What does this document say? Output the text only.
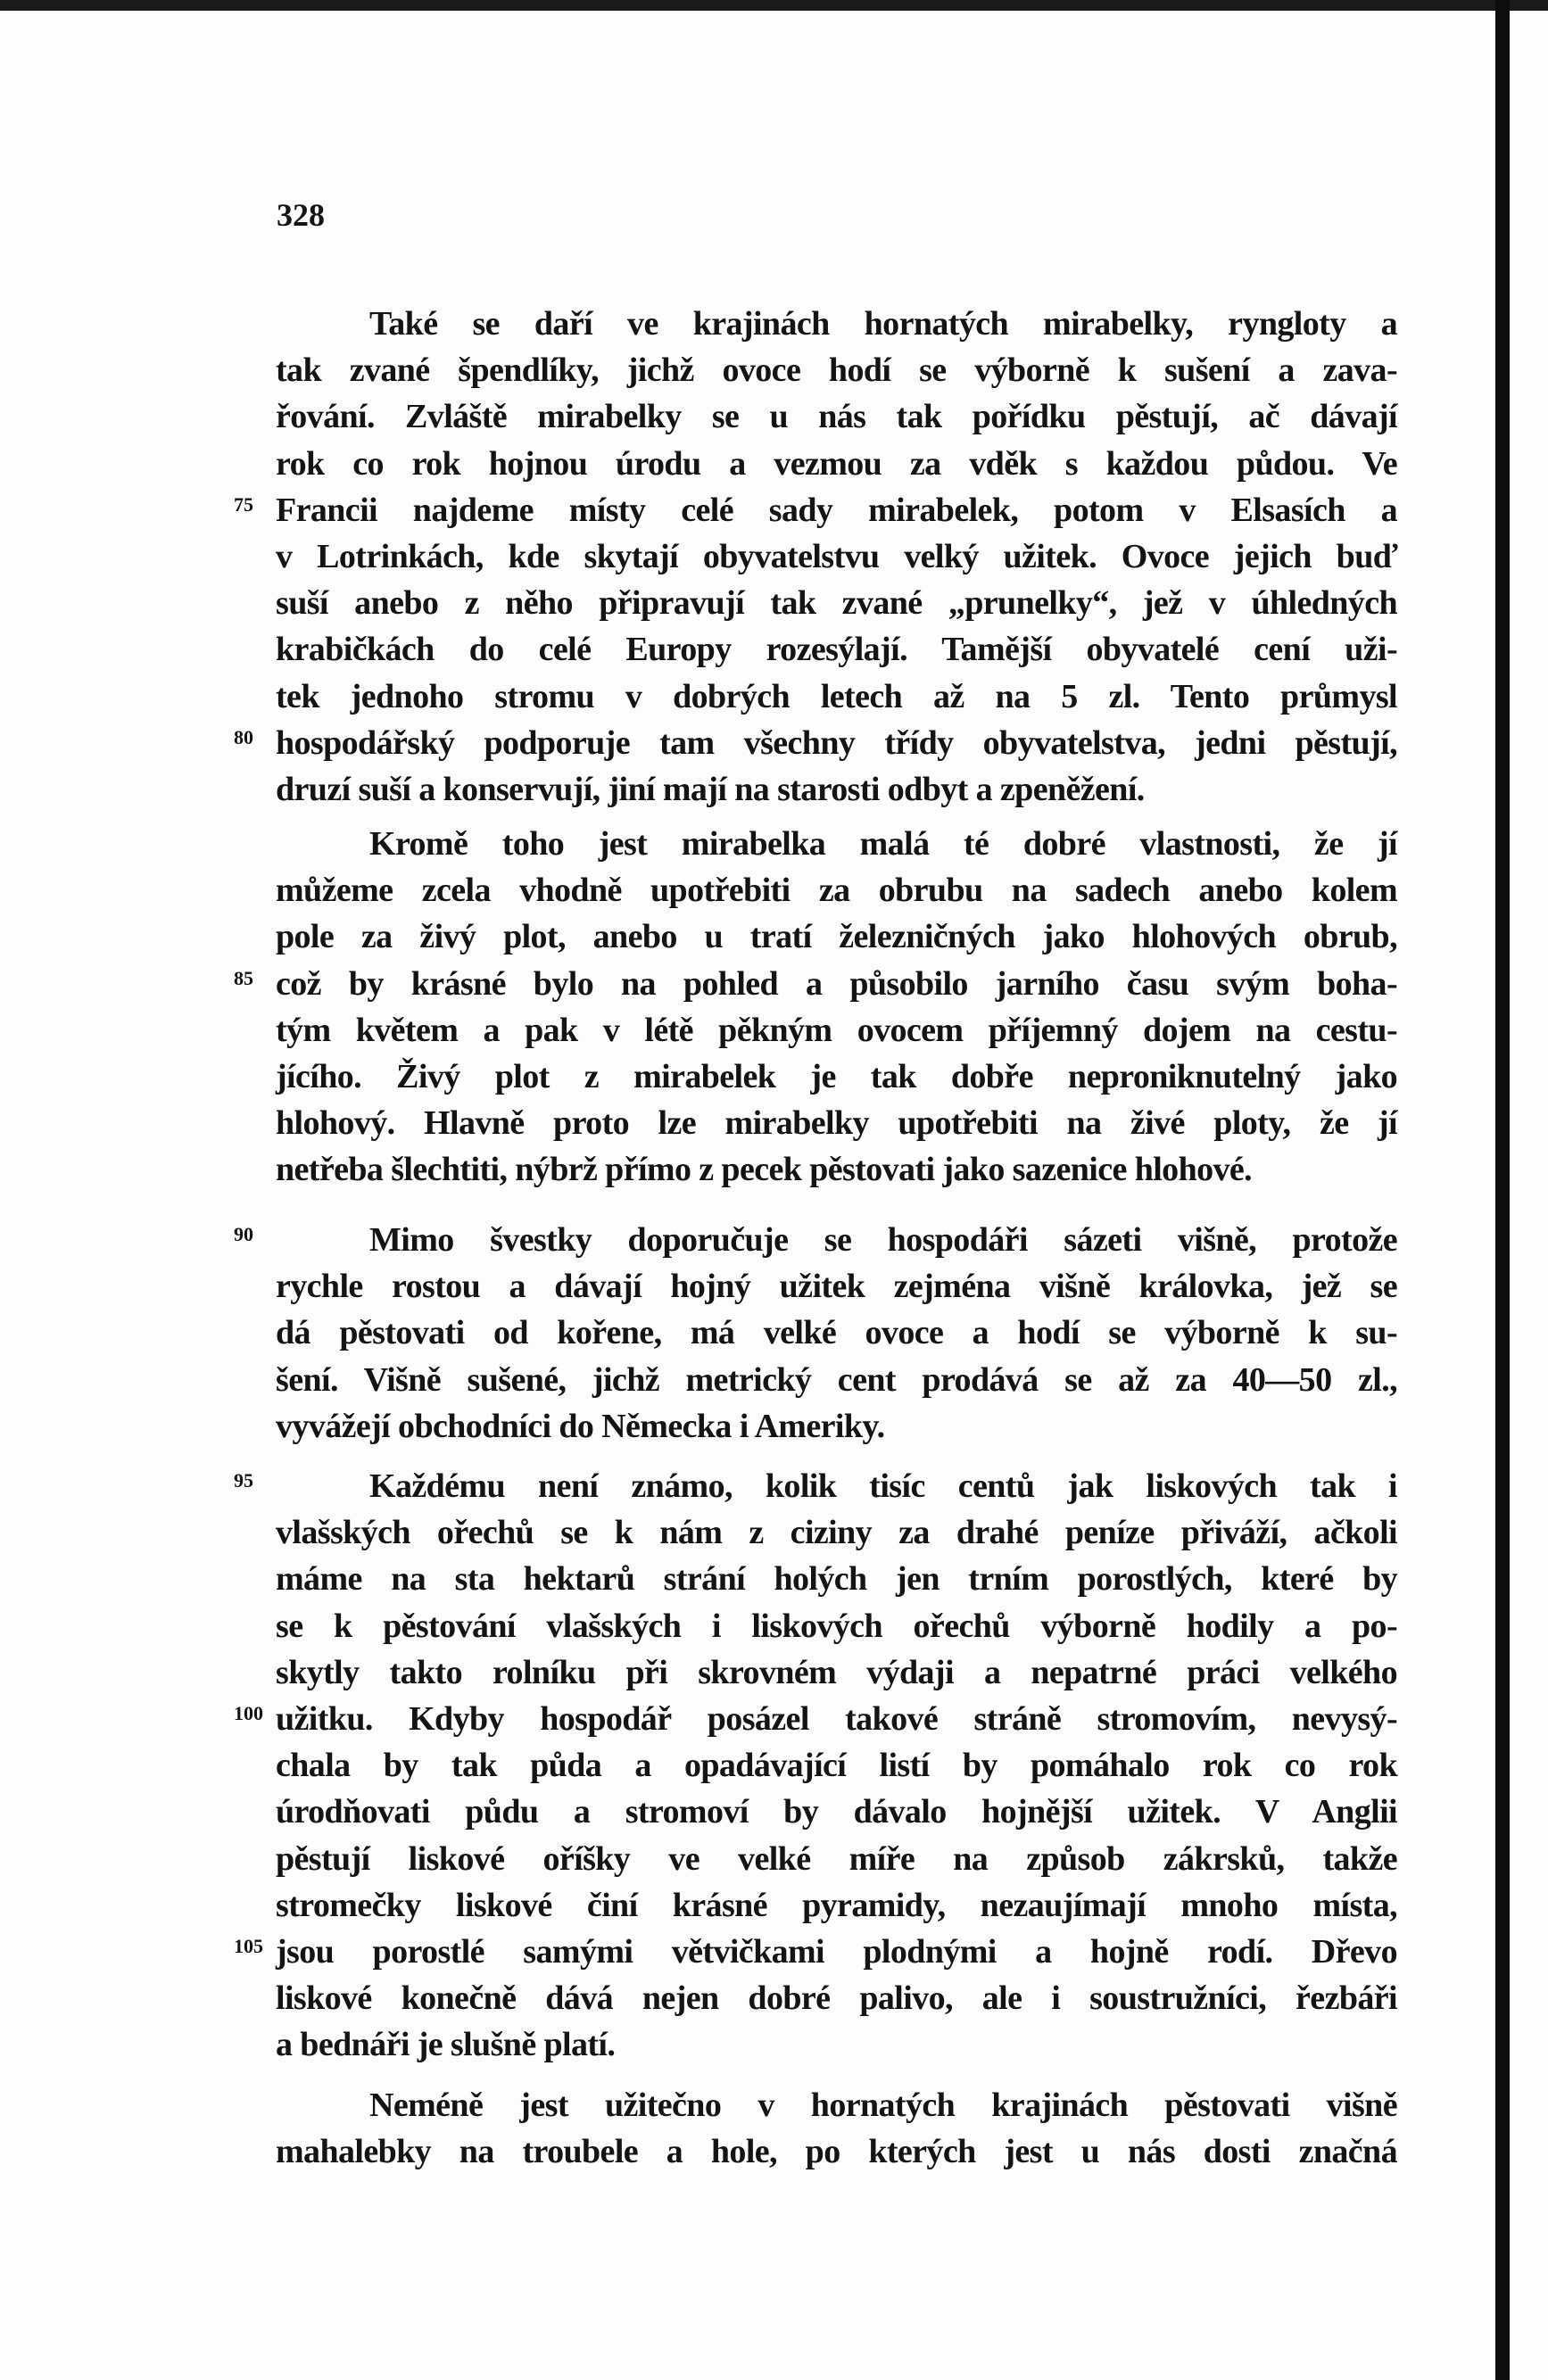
328
Také se daří ve krajinách hornatých mirabelky, ryngloty a
tak zvané špendlíky, jichž ovoce hodí se výborně k sušení a zava-
řování. Zvláště mirabelky se u nás tak pořídku pěstují, ač dávají
rok co rok hojnou úrodu a vezmou za vděk s každou půdou. Ve
Francii najdeme místy celé sady mirabelek, potom v Elsasích a
v Lotrinkách, kde skytají obyvatelstvu velký užitek. Ovoce jejich buď
suší anebo z něho připravují tak zvané „prunelky“, jež v úhledných
krabičkách do celé Europy rozesýlají. Tamější obyvatelé cení uži-
tek jednoho stromu v dobrých letech až na 5 zl. Tento průmysl
hospodářský podporuje tam všechny třídy obyvatelstva, jedni pěstují,
druzí suší a konservují, jiní mají na starosti odbyt a zpeněžení.
Kromě toho jest mirabelka malá té dobré vlastnosti, že jí
můžeme zcela vhodně upotřebiti za obrubu na sadech anebo kolem
pole za živý plot, anebo u tratí železničných jako hlohových obrub,
což by krásné bylo na pohled a působilo jarního času svým boha-
tým květem a pak v létě pěkným ovocem příjemný dojem na cestu-
jícího. Živý plot z mirabelek je tak dobře neproniknutelný jako
hlohový. Hlavně proto lze mirabelky upotřebiti na živé ploty, že jí
netřeba šlechtiti, nýbrž přímo z pecek pěstovati jako sazenice hlohové.
Mimo švestky doporučuje se hospodáři sázeti višně, protože
rychle rostou a dávají hojný užitek zejména višně královka, jež se
dá pěstovati od kořene, má velké ovoce a hodí se výborně k su-
šení. Višně sušené, jichž metrický cent prodává se až za 40—50 zl.,
vyvážejí obchodníci do Německa i Ameriky.
Každému není známo, kolik tisíc centů jak liskových tak i
vlašských ořechů se k nám z ciziny za drahé peníze přiváží, ačkoli
máme na sta hektarů strání holých jen trním porostlých, které by
se k pěstování vlašských i liskových ořechů výborně hodily a po-
skytly takto rolníku při skrovném výdaji a nepatrné práci velkého
užitku. Kdyby hospodář posázel takové stráně stromovím, nevysý-
chala by tak půda a opadávající listí by pomáhalo rok co rok
úrodňovati půdu a stromoví by dávalo hojnější užitek. V Anglii
pěstují liskové oříšky ve velké míře na způsob zákrsků, takže
stromečky liskové činí krásné pyramidy, nezaujímají mnoho místa,
jsou porostlé samými větvičkami plodnými a hojně rodí. Dřevo
liskové konečně dává nejen dobré palivo, ale i soustružníci, řezbáři
a bednáři je slušně platí.
Neméně jest užitečno v hornatých krajinách pěstovati višně
mahalebky na troubele a hole, po kterých jest u nás dosti značná
75
80
85
90
95
100
105
